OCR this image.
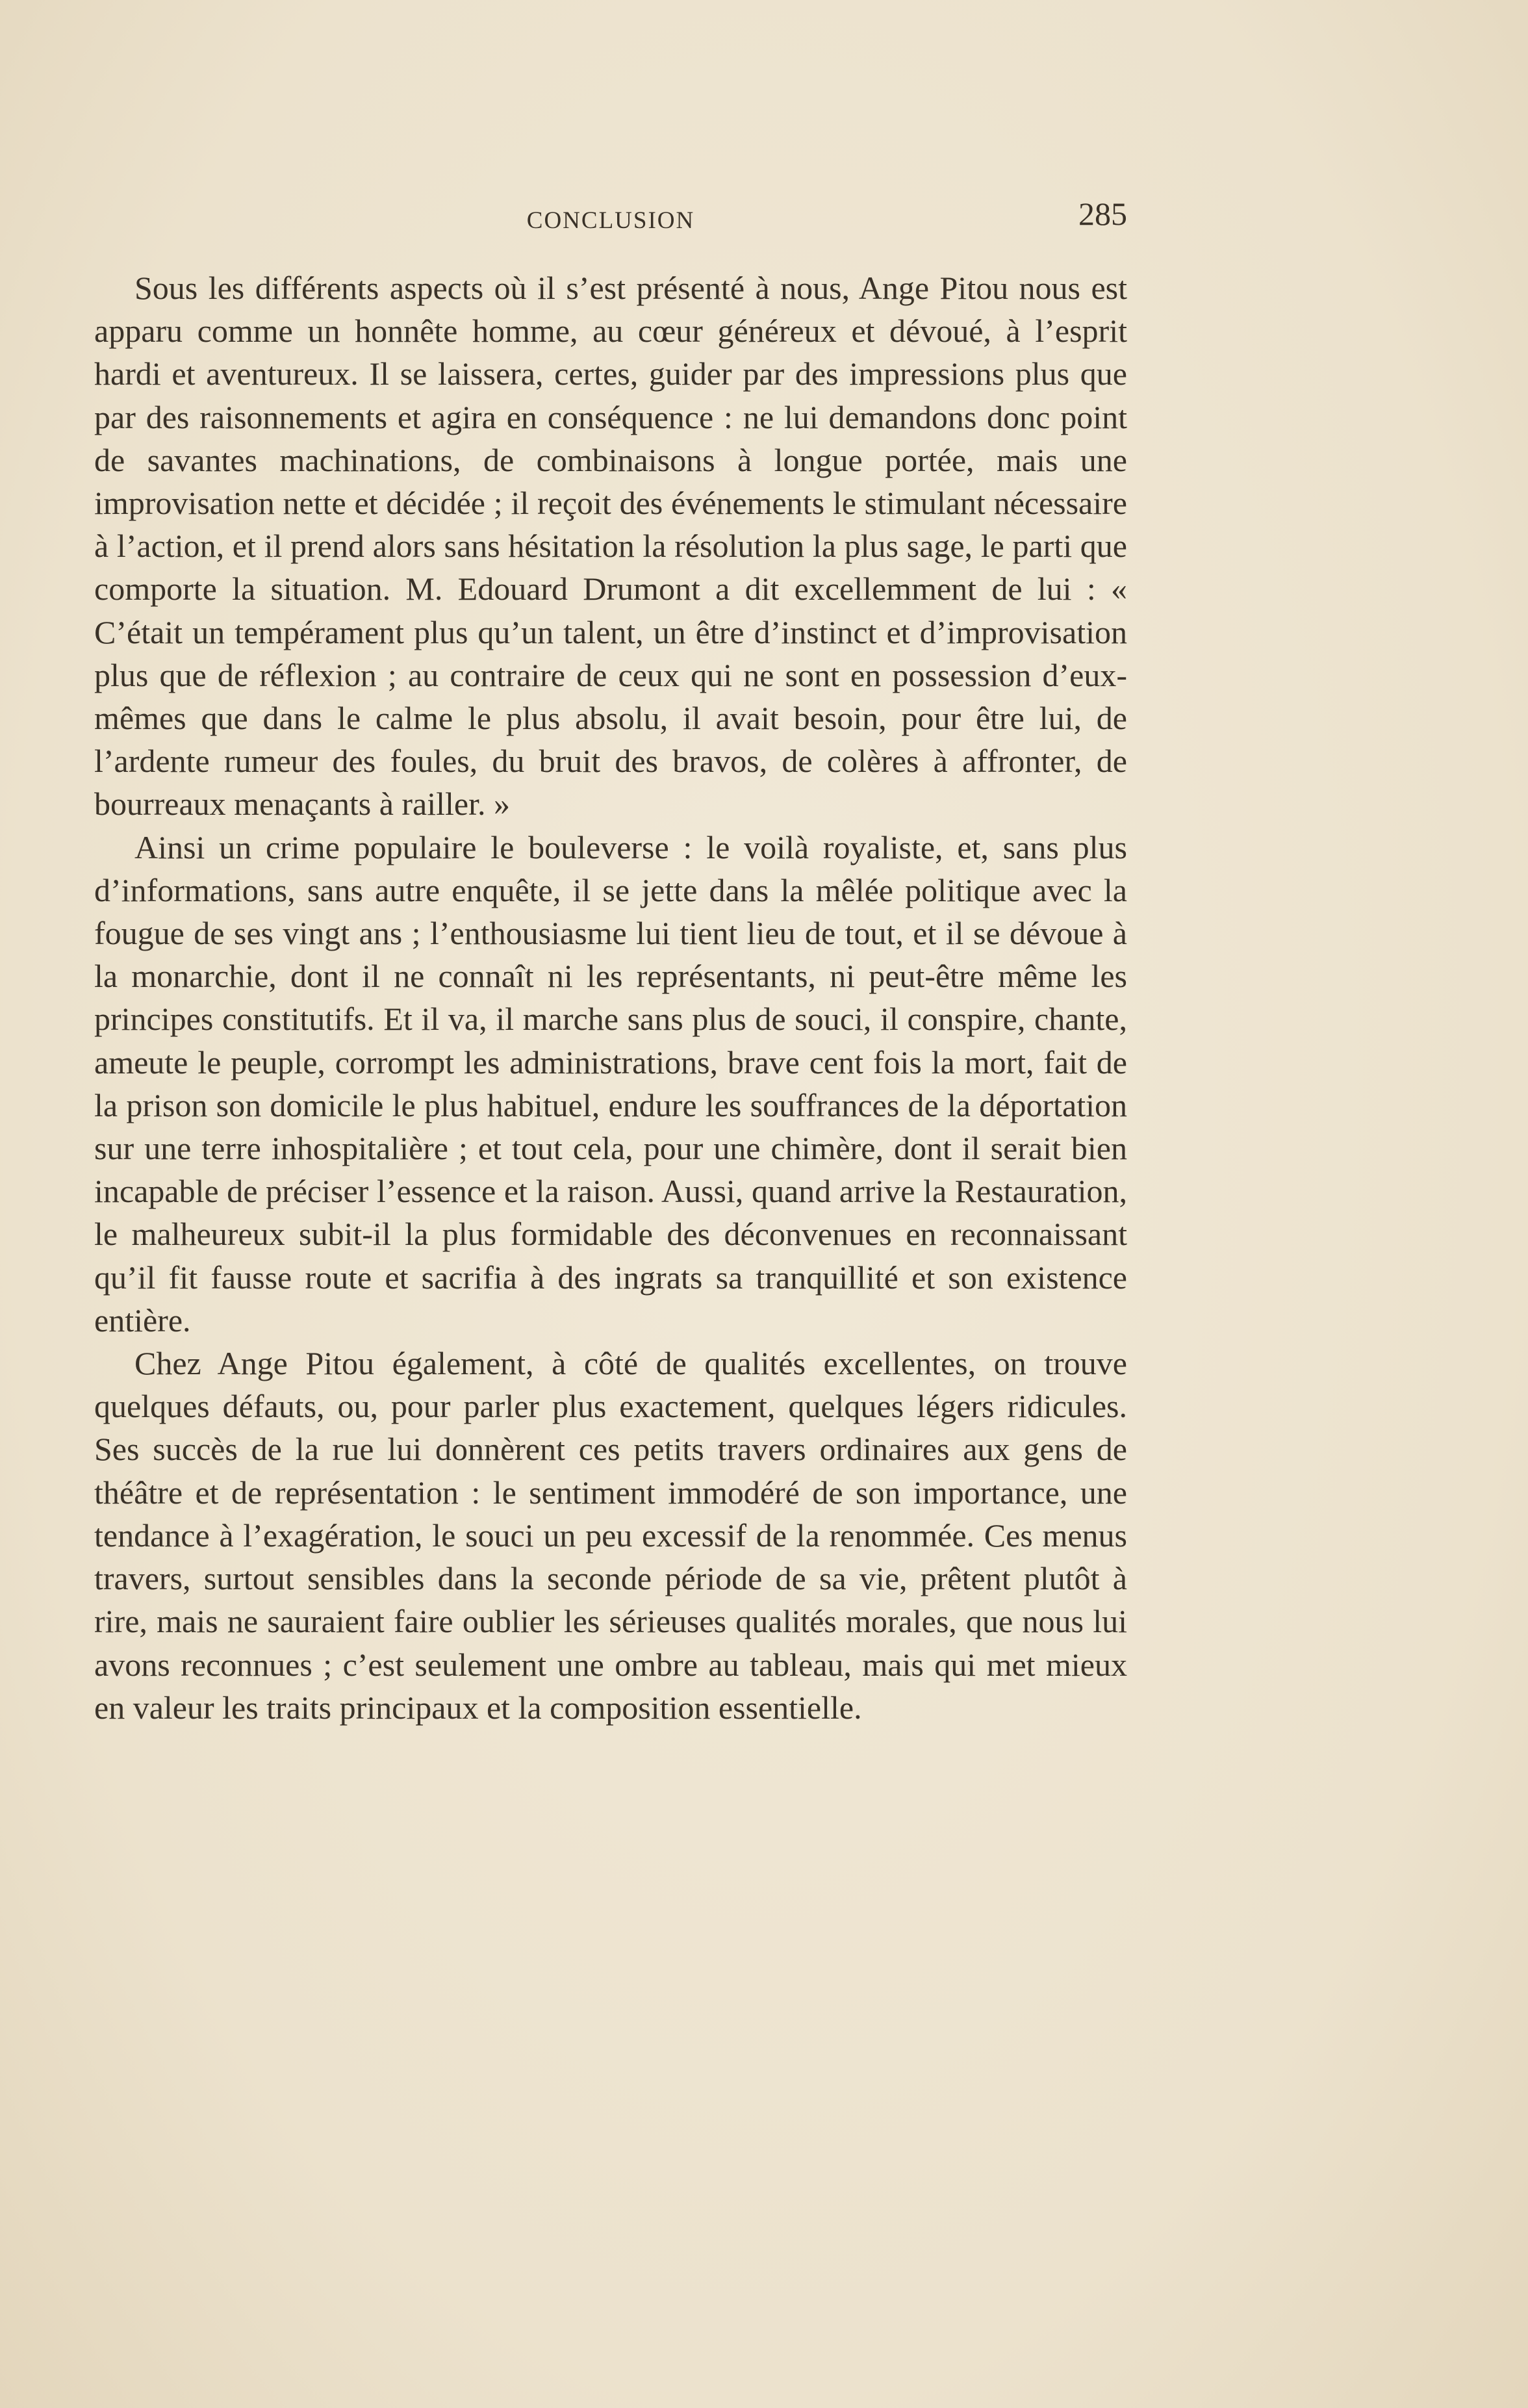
CONCLUSION	285

Sous les différents aspects où il s’est présenté à nous, Ange Pitou nous est apparu comme un honnête homme, au cœur généreux et dévoué, à l’esprit hardi et aventureux. Il se laissera, certes, guider par des impressions plus que par des raisonnements et agira en conséquence : ne lui demandons donc point de savantes machinations, de combinaisons à longue portée, mais une improvisation nette et décidée ; il reçoit des événements le stimulant nécessaire à l’action, et il prend alors sans hésitation la résolution la plus sage, le parti que comporte la situation. M. Edouard Drumont a dit excellemment de lui : « C’était un tempérament plus qu’un talent, un être d’instinct et d’improvisation plus que de réflexion ; au contraire de ceux qui ne sont en possession d’eux-mêmes que dans le calme le plus absolu, il avait besoin, pour être lui, de l’ardente rumeur des foules, du bruit des bravos, de colères à affronter, de bourreaux menaçants à railler. »

Ainsi un crime populaire le bouleverse : le voilà royaliste, et, sans plus d’informations, sans autre enquête, il se jette dans la mêlée politique avec la fougue de ses vingt ans ; l’enthousiasme lui tient lieu de tout, et il se dévoue à la monarchie, dont il ne connaît ni les représentants, ni peut-être même les principes constitutifs. Et il va, il marche sans plus de souci, il conspire, chante, ameute le peuple, corrompt les administrations, brave cent fois la mort, fait de la prison son domicile le plus habituel, endure les souffrances de la déportation sur une terre inhospitalière ; et tout cela, pour une chimère, dont il serait bien incapable de préciser l’essence et la raison. Aussi, quand arrive la Restauration, le malheureux subit-il la plus formidable des déconvenues en reconnaissant qu’il fit fausse route et sacrifia à des ingrats sa tranquillité et son existence entière.

Chez Ange Pitou également, à côté de qualités excellentes, on trouve quelques défauts, ou, pour parler plus exactement, quelques légers ridicules. Ses succès de la rue lui donnèrent ces petits travers ordinaires aux gens de théâtre et de représentation : le sentiment immodéré de son importance, une tendance à l’exagération, le souci un peu excessif de la renommée. Ces menus travers, surtout sensibles dans la seconde période de sa vie, prêtent plutôt à rire, mais ne sauraient faire oublier les sérieuses qualités morales, que nous lui avons reconnues ; c’est seulement une ombre au tableau, mais qui met mieux en valeur les traits principaux et la composition essentielle.
